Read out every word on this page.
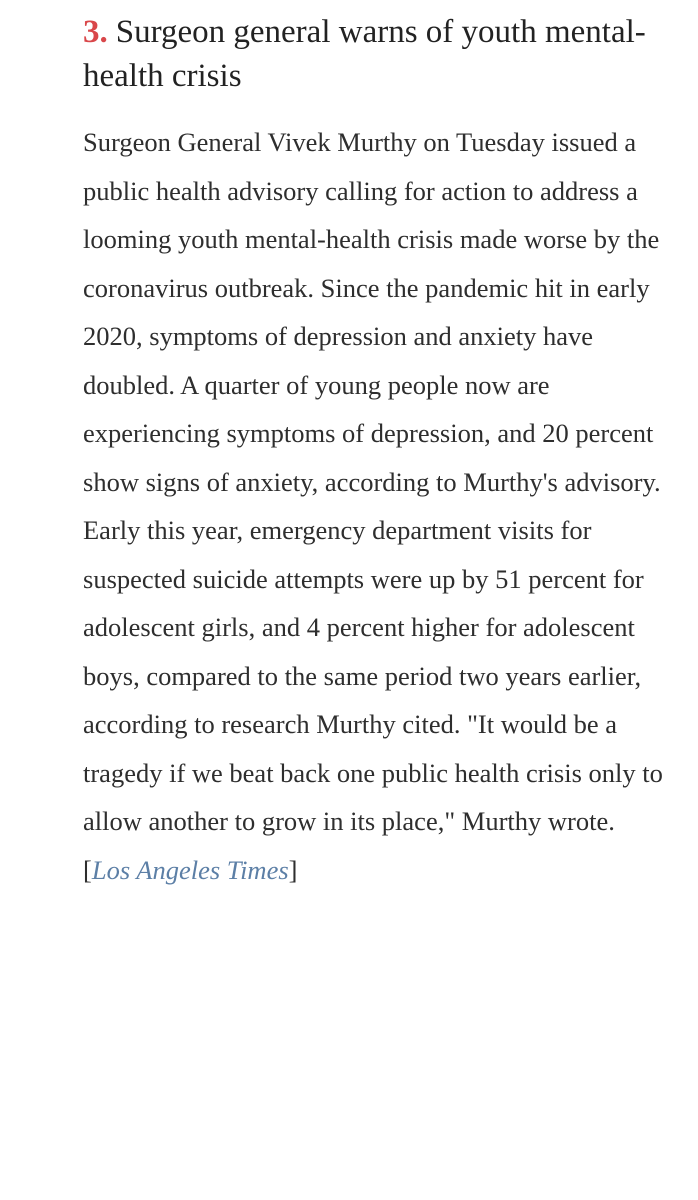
3. Surgeon general warns of youth mental-health crisis

Surgeon General Vivek Murthy on Tuesday issued a public health advisory calling for action to address a looming youth mental-health crisis made worse by the coronavirus outbreak. Since the pandemic hit in early 2020, symptoms of depression and anxiety have doubled. A quarter of young people now are experiencing symptoms of depression, and 20 percent show signs of anxiety, according to Murthy's advisory. Early this year, emergency department visits for suspected suicide attempts were up by 51 percent for adolescent girls, and 4 percent higher for adolescent boys, compared to the same period two years earlier, according to research Murthy cited. "It would be a tragedy if we beat back one public health crisis only to allow another to grow in its place," Murthy wrote. [Los Angeles Times]
